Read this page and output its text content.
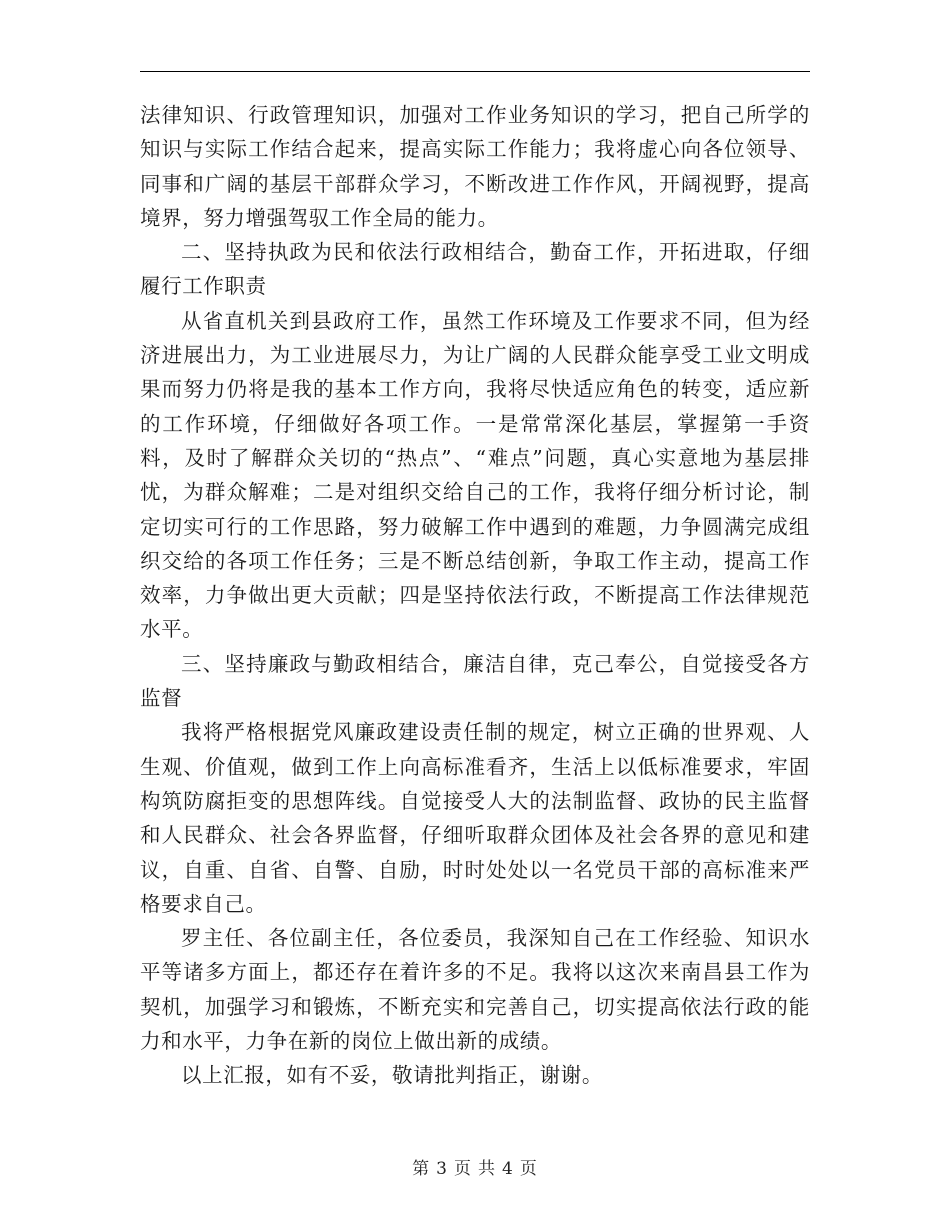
法律知识、行政管理知识，加强对工作业务知识的学习，把自己所学的知识与实际工作结合起来，提高实际工作能力；我将虚心向各位领导、同事和广阔的基层干部群众学习，不断改进工作作风，开阔视野，提高境界，努力增强驾驭工作全局的能力。

二、坚持执政为民和依法行政相结合，勤奋工作，开拓进取，仔细履行工作职责

从省直机关到县政府工作，虽然工作环境及工作要求不同，但为经济进展出力，为工业进展尽力，为让广阔的人民群众能享受工业文明成果而努力仍将是我的基本工作方向，我将尽快适应角色的转变，适应新的工作环境，仔细做好各项工作。一是常常深化基层，掌握第一手资料，及时了解群众关切的“热点”、“难点”问题，真心实意地为基层排忧，为群众解难；二是对组织交给自己的工作，我将仔细分析讨论，制定切实可行的工作思路，努力破解工作中遇到的难题，力争圆满完成组织交给的各项工作任务；三是不断总结创新，争取工作主动，提高工作效率，力争做出更大贡献；四是坚持依法行政，不断提高工作法律规范水平。

三、坚持廉政与勤政相结合，廉洁自律，克己奉公，自觉接受各方监督

我将严格根据党风廉政建设责任制的规定，树立正确的世界观、人生观、价值观，做到工作上向高标准看齐，生活上以低标准要求，牢固构筑防腐拒变的思想阵线。自觉接受人大的法制监督、政协的民主监督和人民群众、社会各界监督，仔细听取群众团体及社会各界的意见和建议，自重、自省、自警、自励，时时处处以一名党员干部的高标准来严格要求自己。

罗主任、各位副主任，各位委员，我深知自己在工作经验、知识水平等诸多方面上，都还存在着许多的不足。我将以这次来南昌县工作为契机，加强学习和锻炼，不断充实和完善自己，切实提高依法行政的能力和水平，力争在新的岗位上做出新的成绩。

以上汇报，如有不妥，敬请批判指正，谢谢。

第 3 页 共 4 页
